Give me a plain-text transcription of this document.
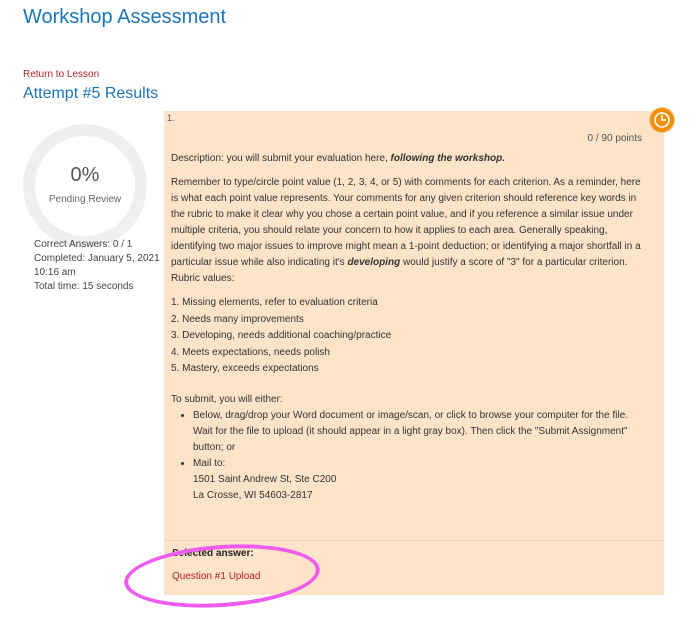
Workshop Assessment
Return to Lesson
Attempt #5 Results
0%
Pending Review
Correct Answers: 0 / 1
Completed: January 5, 2021 10:16 am
Total time: 15 seconds
1.
0 / 90 points

Description: you will submit your evaluation here, following the workshop.

Remember to type/circle point value (1, 2, 3, 4, or 5) with comments for each criterion. As a reminder, here is what each point value represents. Your comments for any given criterion should reference key words in the rubric to make it clear why you chose a certain point value, and if you reference a similar issue under multiple criteria, you should relate your concern to how it applies to each area. Generally speaking, identifying two major issues to improve might mean a 1-point deduction; or identifying a major shortfall in a particular issue while also indicating it's developing would justify a score of "3" for a particular criterion. Rubric values:

1. Missing elements, refer to evaluation criteria
2. Needs many improvements
3. Developing, needs additional coaching/practice
4. Meets expectations, needs polish
5. Mastery, exceeds expectations

To submit, you will either:

• Below, drag/drop your Word document or image/scan, or click to browse your computer for the file. Wait for the file to upload (it should appear in a light gray box). Then click the "Submit Assignment" button; or
• Mail to:
1501 Saint Andrew St, Ste C200
La Crosse, WI 54603-2817
Selected answer:
Question #1 Upload
